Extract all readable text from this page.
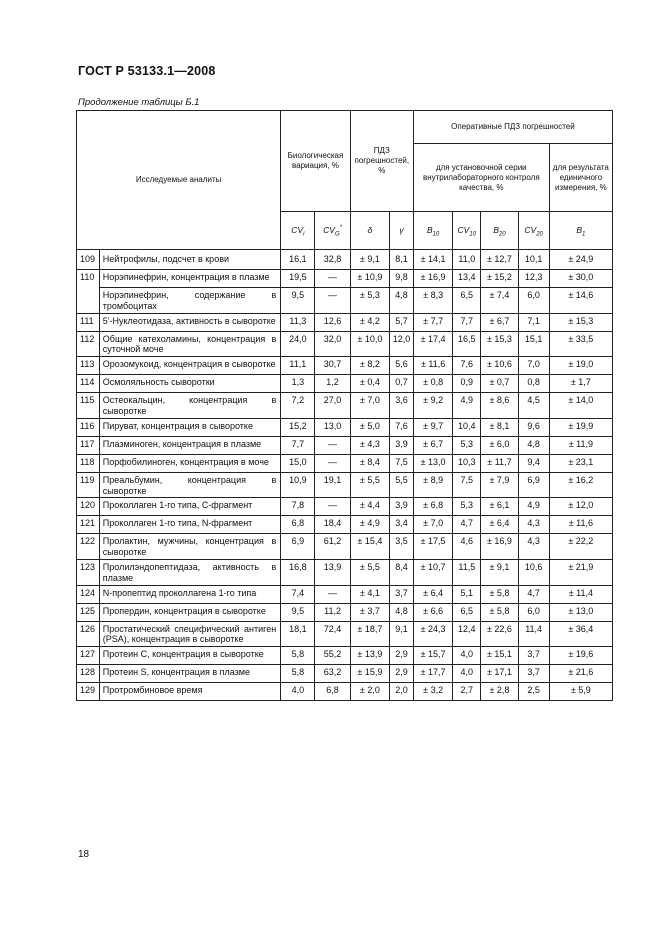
ГОСТ Р 53133.1—2008
Продолжение таблицы Б.1
Исследуемые аналиты		Биологическая вариация, %		ПДЗ погрешностей, %		Оперативные ПДЗ погрешностей				
						для установочной серии внутрилабораторного контроля качества, %				для результата единичного измерения, %
		$CV_i$	$CV_G^*$	δ	γ	$B_{10}$	$CV_{10}$	$B_{20}$	$CV_{20}$	$B_1$
109	Нейтрофилы, подсчет в крови	16,1	32,8	± 9,1	8,1	± 14,1	11,0	± 12,7	10,1	± 24,9
110	Норэпинефрин, концентрация в плазме	19,5	—	± 10,9	9,8	± 16,9	13,4	± 15,2	12,3	± 30,0
	Норэпинефрин, содержание в тромбоцитах	9,5	—	± 5,3	4,8	± 8,3	6,5	± 7,4	6,0	± 14,6
111	5'-Нуклеотидаза, активность в сыворотке	11,3	12,6	± 4,2	5,7	± 7,7	7,7	± 6,7	7,1	± 15,3
112	Общие катехоламины, концентрация в суточной моче	24,0	32,0	± 10,0	12,0	± 17,4	16,5	± 15,3	15,1	± 33,5
113	Орозомукоид, концентрация в сыворотке	11,1	30,7	± 8,2	5,6	± 11,6	7,6	± 10,6	7,0	± 19,0
114	Осмоляльность сыворотки	1,3	1,2	± 0,4	0,7	± 0,8	0,9	± 0,7	0,8	± 1,7
115	Остеокальцин, концентрация в сыворотке	7,2	27,0	± 7,0	3,6	± 9,2	4,9	± 8,6	4,5	± 14,0
116	Пируват, концентрация в сыворотке	15,2	13,0	± 5,0	7,6	± 9,7	10,4	± 8,1	9,6	± 19,9
117	Плазминоген, концентрация в плазме	7,7	—	± 4,3	3,9	± 6,7	5,3	± 6,0	4,8	± 11,9
118	Порфобилиноген, концентрация в моче	15,0	—	± 8,4	7,5	± 13,0	10,3	± 11,7	9,4	± 23,1
119	Преальбумин, концентрация в сыворотке	10,9	19,1	± 5,5	5,5	± 8,9	7,5	± 7,9	6,9	± 16,2
120	Проколлаген 1-го типа, С-фрагмент	7,8	—	± 4,4	3,9	± 6,8	5,3	± 6,1	4,9	± 12,0
121	Проколлаген 1-го типа, N-фрагмент	6,8	18,4	± 4,9	3,4	± 7,0	4,7	± 6,4	4,3	± 11,6
122	Пролактин, мужчины, концентрация в сыворотке	6,9	61,2	± 15,4	3,5	± 17,5	4,6	± 16,9	4,3	± 22,2
123	Пролилэндопептидаза, активность в плазме	16,8	13,9	± 5,5	8,4	± 10,7	11,5	± 9,1	10,6	± 21,9
124	N-пропептид проколлагена 1-го типа	7,4	—	± 4,1	3,7	± 6,4	5,1	± 5,8	4,7	± 11,4
125	Пропердин, концентрация в сыворотке	9,5	11,2	± 3,7	4,8	± 6,6	6,5	± 5,8	6,0	± 13,0
126	Простатический специфический антиген (PSA), концентрация в сыворотке	18,1	72,4	± 18,7	9,1	± 24,3	12,4	± 22,6	11,4	± 36,4
127	Протеин С, концентрация в сыворотке	5,8	55,2	± 13,9	2,9	± 15,7	4,0	± 15,1	3,7	± 19,6
128	Протеин S, концентрация в плазме	5,8	63,2	± 15,9	2,9	± 17,7	4,0	± 17,1	3,7	± 21,6
129	Протромбиновое время	4,0	6,8	± 2,0	2,0	± 3,2	2,7	± 2,8	2,5	± 5,9
18
